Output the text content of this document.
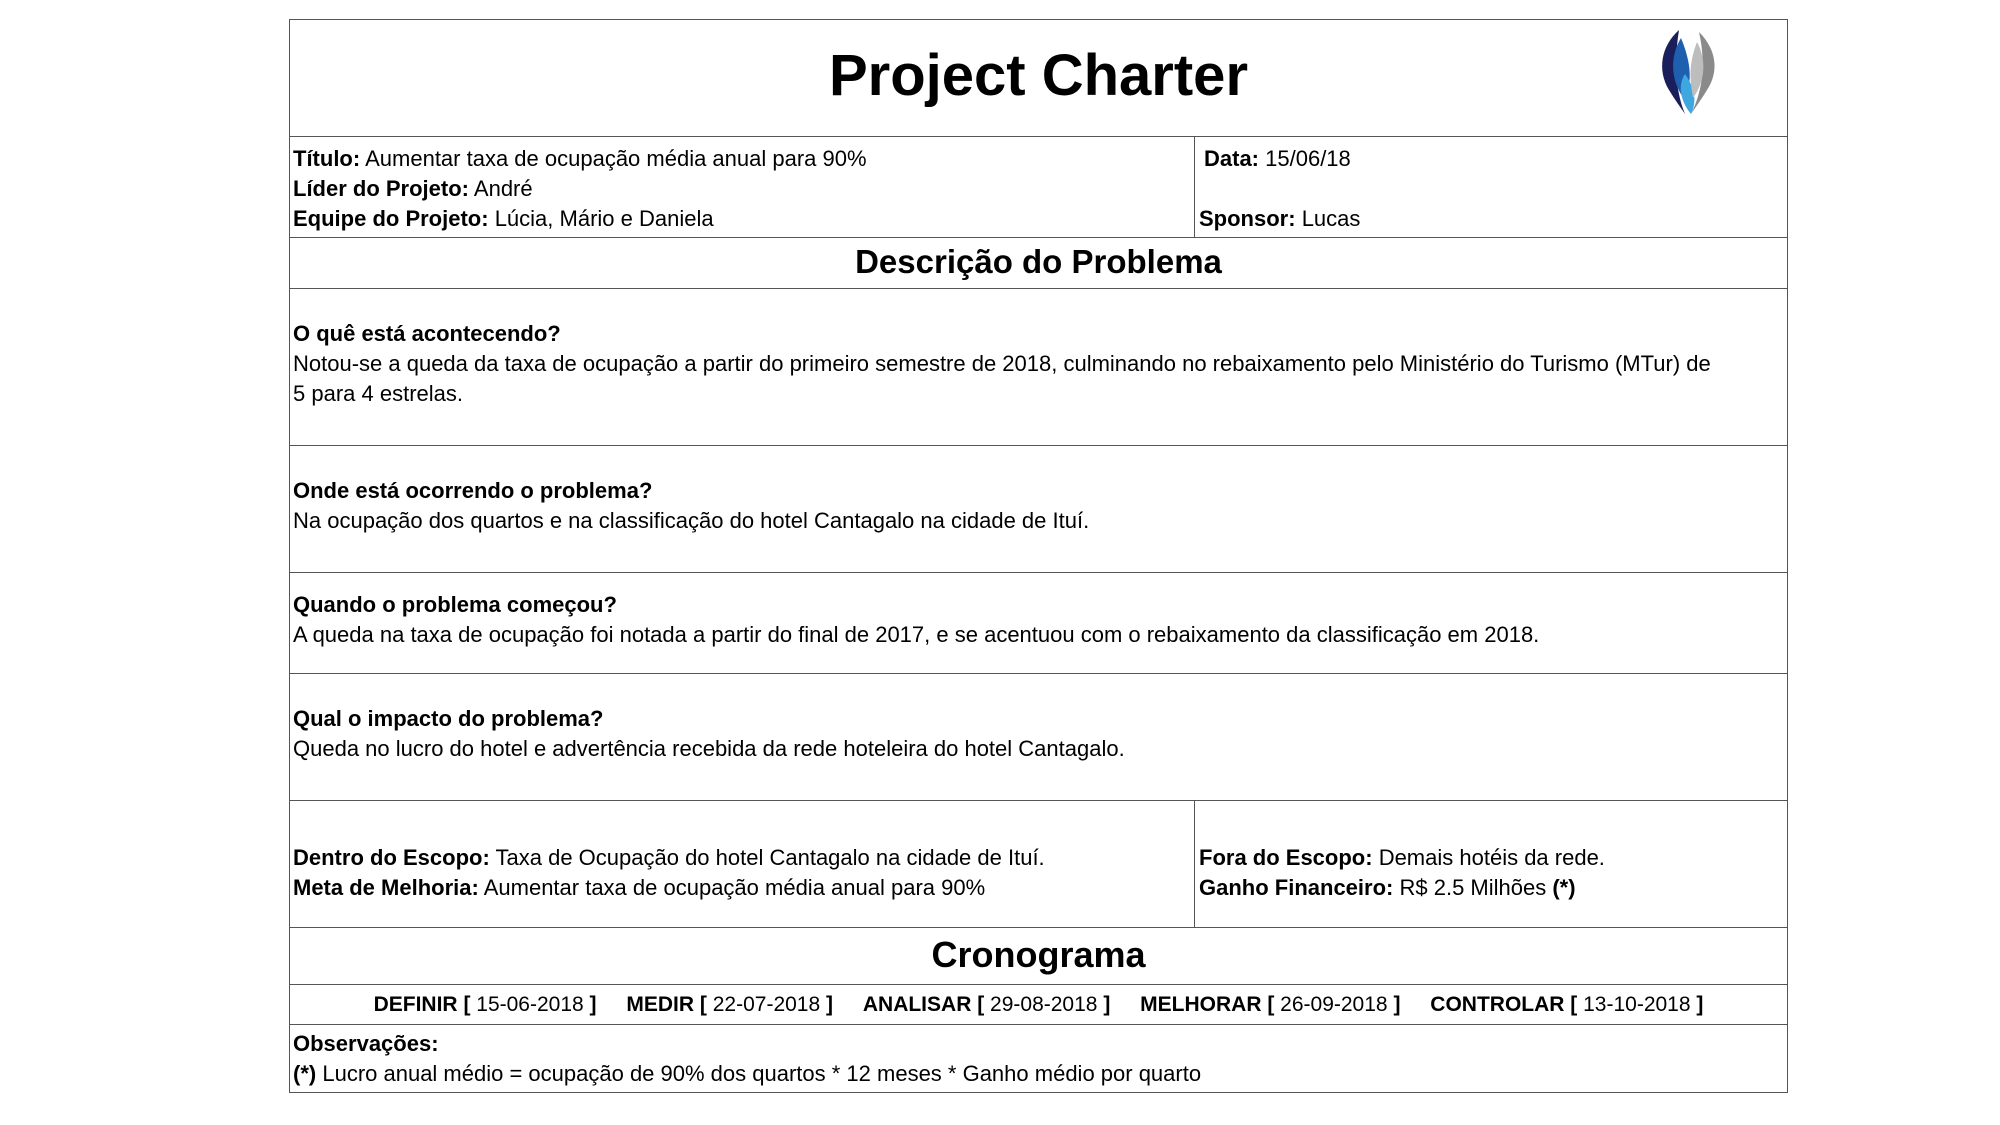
Project Charter
Título: Aumentar taxa de ocupação média anual para 90%
Líder do Projeto: André
Equipe do Projeto: Lúcia, Mário e Daniela
Data: 15/06/18
Sponsor: Lucas
Descrição do Problema
O quê está acontecendo?
Notou-se a queda da taxa de ocupação a partir do primeiro semestre de 2018, culminando no rebaixamento pelo Ministério do Turismo (MTur) de
5 para 4 estrelas.
Onde está ocorrendo o problema?
Na ocupação dos quartos e na classificação do hotel Cantagalo na cidade de Ituí.
Quando o problema começou?
A queda na taxa de ocupação foi notada a partir do final de 2017, e se acentuou com o rebaixamento da classificação em 2018.
Qual o impacto do problema?
Queda no lucro do hotel e advertência recebida da rede hoteleira do hotel Cantagalo.
Dentro do Escopo: Taxa de Ocupação do hotel Cantagalo na cidade de Ituí.
Meta de Melhoria: Aumentar taxa de ocupação média anual para 90%
Fora do Escopo: Demais hotéis da rede.
Ganho Financeiro: R$ 2.5 Milhões (*)
Cronograma
DEFINIR [ 15-06-2018 ] MEDIR [ 22-07-2018 ] ANALISAR [ 29-08-2018 ] MELHORAR [ 26-09-2018 ] CONTROLAR [ 13-10-2018 ]
Observações:
(*) Lucro anual médio = ocupação de 90% dos quartos * 12 meses * Ganho médio por quarto
